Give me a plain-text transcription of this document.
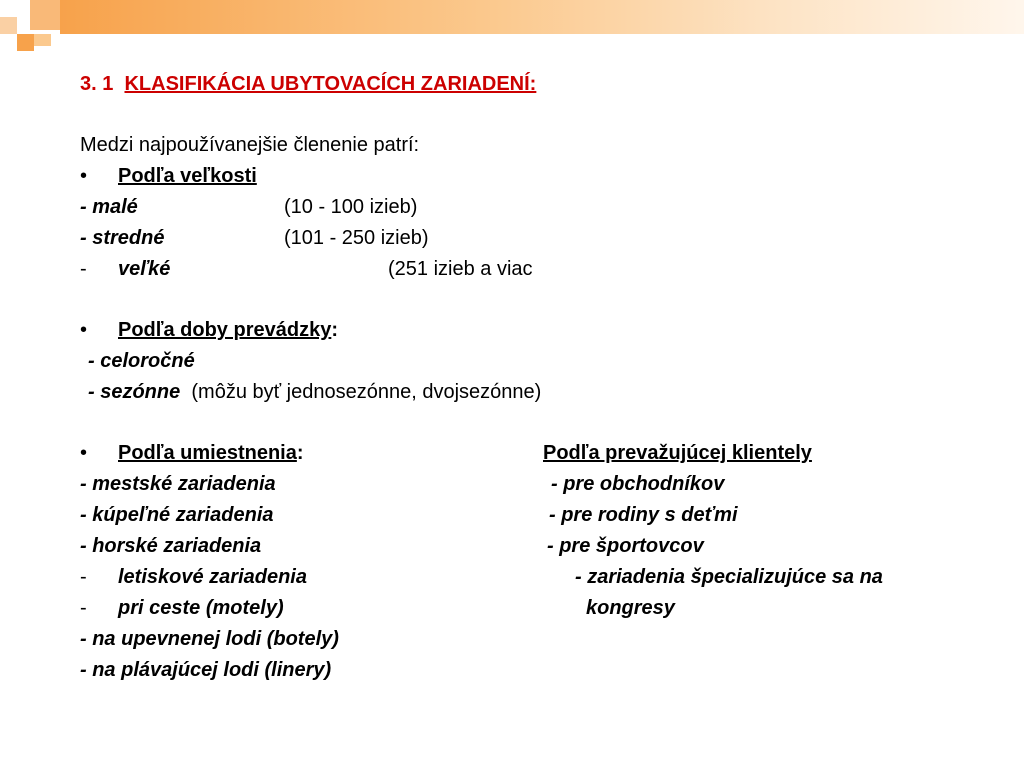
3. 1 KLASIFIKÁCIA UBYTOVACÍCH ZARIADENÍ:
Medzi najpoužívanejšie členenie patrí:
• Podľa veľkosti
- malé	(10 - 100 izieb)
- stredné	(101 - 250 izieb)
- veľké	(251 izieb a viac
• Podľa doby prevádzky:
- celoročné
- sezónne (môžu byť jednosezónne, dvojsezónne)
• Podľa umiestnenia:
- mestské zariadenia
- kúpeľné zariadenia
- horské zariadenia
- letiskové zariadenia
- pri ceste (motely)
- na upevnenej lodi (botely)
- na plávajúcej lodi (linery)
Podľa prevažujúcej klientely
- pre obchodníkov
- pre rodiny s deťmi
- pre športovcov
- zariadenia špecializujúce sa na
kongresy
